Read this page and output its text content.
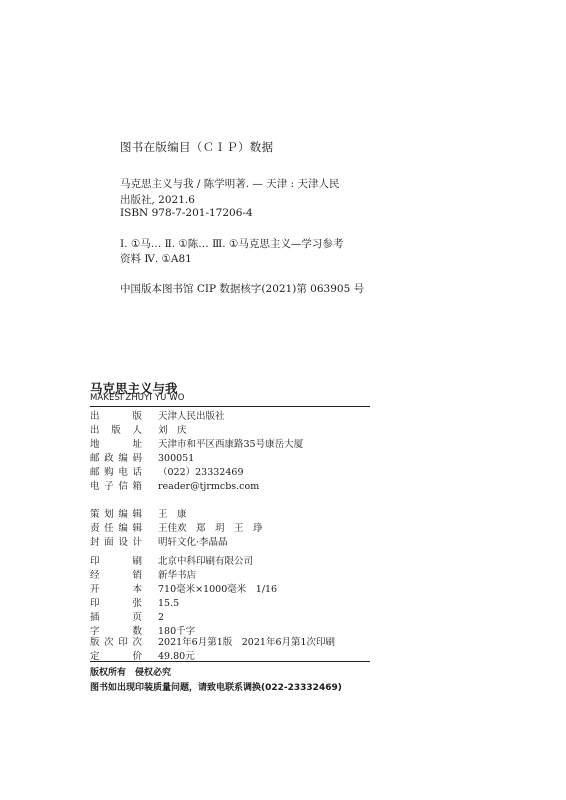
图书在版编目（ＣＩＰ）数据
马克思主义与我 / 陈学明著. — 天津 : 天津人民
出版社, 2021.6
ISBN 978-7-201-17206-4
Ⅰ. ①马… Ⅱ. ①陈… Ⅲ. ①马克思主义—学习参考
资料 Ⅳ. ①A81
中国版本图书馆 CIP 数据核字(2021)第 063905 号
马克思主义与我
MAKESI ZHUYI YU WO
出	版 天津人民出版社
出 版 人 刘　庆
地	址 天津市和平区西康路35号康岳大厦
邮 政 编 码 300051
邮 购 电 话 （022）23332469
电 子 信 箱 reader@tjrmcbs.com
策 划 编 辑 王　康
责 任 编 辑 王佳欢　郑　玥　王　琤
封 面 设 计 明轩文化·李晶晶
印	刷 北京中科印刷有限公司
经	销 新华书店
开	本 710毫米×1000毫米　1/16
印	张 15.5
插	页 2
字	数 180千字
版 次 印 次 2021年6月第1版　2021年6月第1次印刷
定	价 49.80元
版权所有　侵权必究
图书如出现印装质量问题，请致电联系调换(022-23332469)
